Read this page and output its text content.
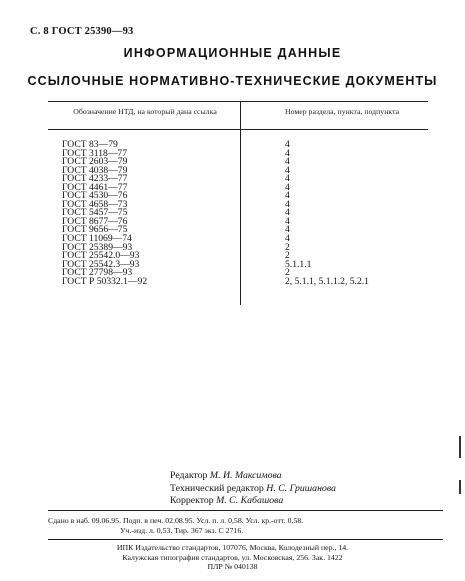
С. 8 ГОСТ 25390—93
ИНФОРМАЦИОННЫЕ ДАННЫЕ
ССЫЛОЧНЫЕ НОРМАТИВНО-ТЕХНИЧЕСКИЕ ДОКУМЕНТЫ
Обозначение НТД, на который дана ссылка	Номер раздела, пункта, подпункта
ГОСТ 83—79
ГОСТ 3118—77
ГОСТ 2603—79
ГОСТ 4038—79
ГОСТ 4233—77
ГОСТ 4461—77
ГОСТ 4530—76
ГОСТ 4658—73
ГОСТ 5457—75
ГОСТ 8677—76
ГОСТ 9656—75
ГОСТ 11069—74
ГОСТ 25389—93
ГОСТ 25542.0—93
ГОСТ 25542.3—93
ГОСТ 27798—93
ГОСТ Р 50332.1—92
4
4
4
4
4
4
4
4
4
4
4
4
2
2
5.1.1.1
2
2, 5.1.1, 5.1.1.2, 5.2.1
Редактор М. И. Максимова
Технический редактор Н. С. Гришанова
Корректор М. С. Кабашова
Сдано в наб. 09.06.95. Подп. в печ. 02.08.95. Усл. п. л. 0,58. Усл. кр.-отт. 0,58.
Уч.-изд. л. 0,53. Тир. 367 экз. С 2716.
ИПК Издательство стандартов, 107076, Москва, Колодезный пер., 14.
Калужская типография стандартов, ул. Московская, 256. Зак. 1422
ПЛР № 040138
